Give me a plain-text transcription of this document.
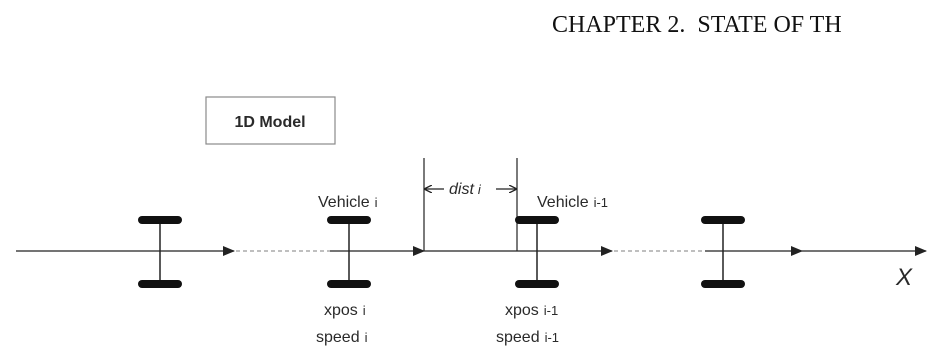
CHAPTER 2. STATE OF TH
1D Model
X
Vehicle i
xpos i
speed i
dist i
Vehicle i-1
xpos i-1
speed i-1
